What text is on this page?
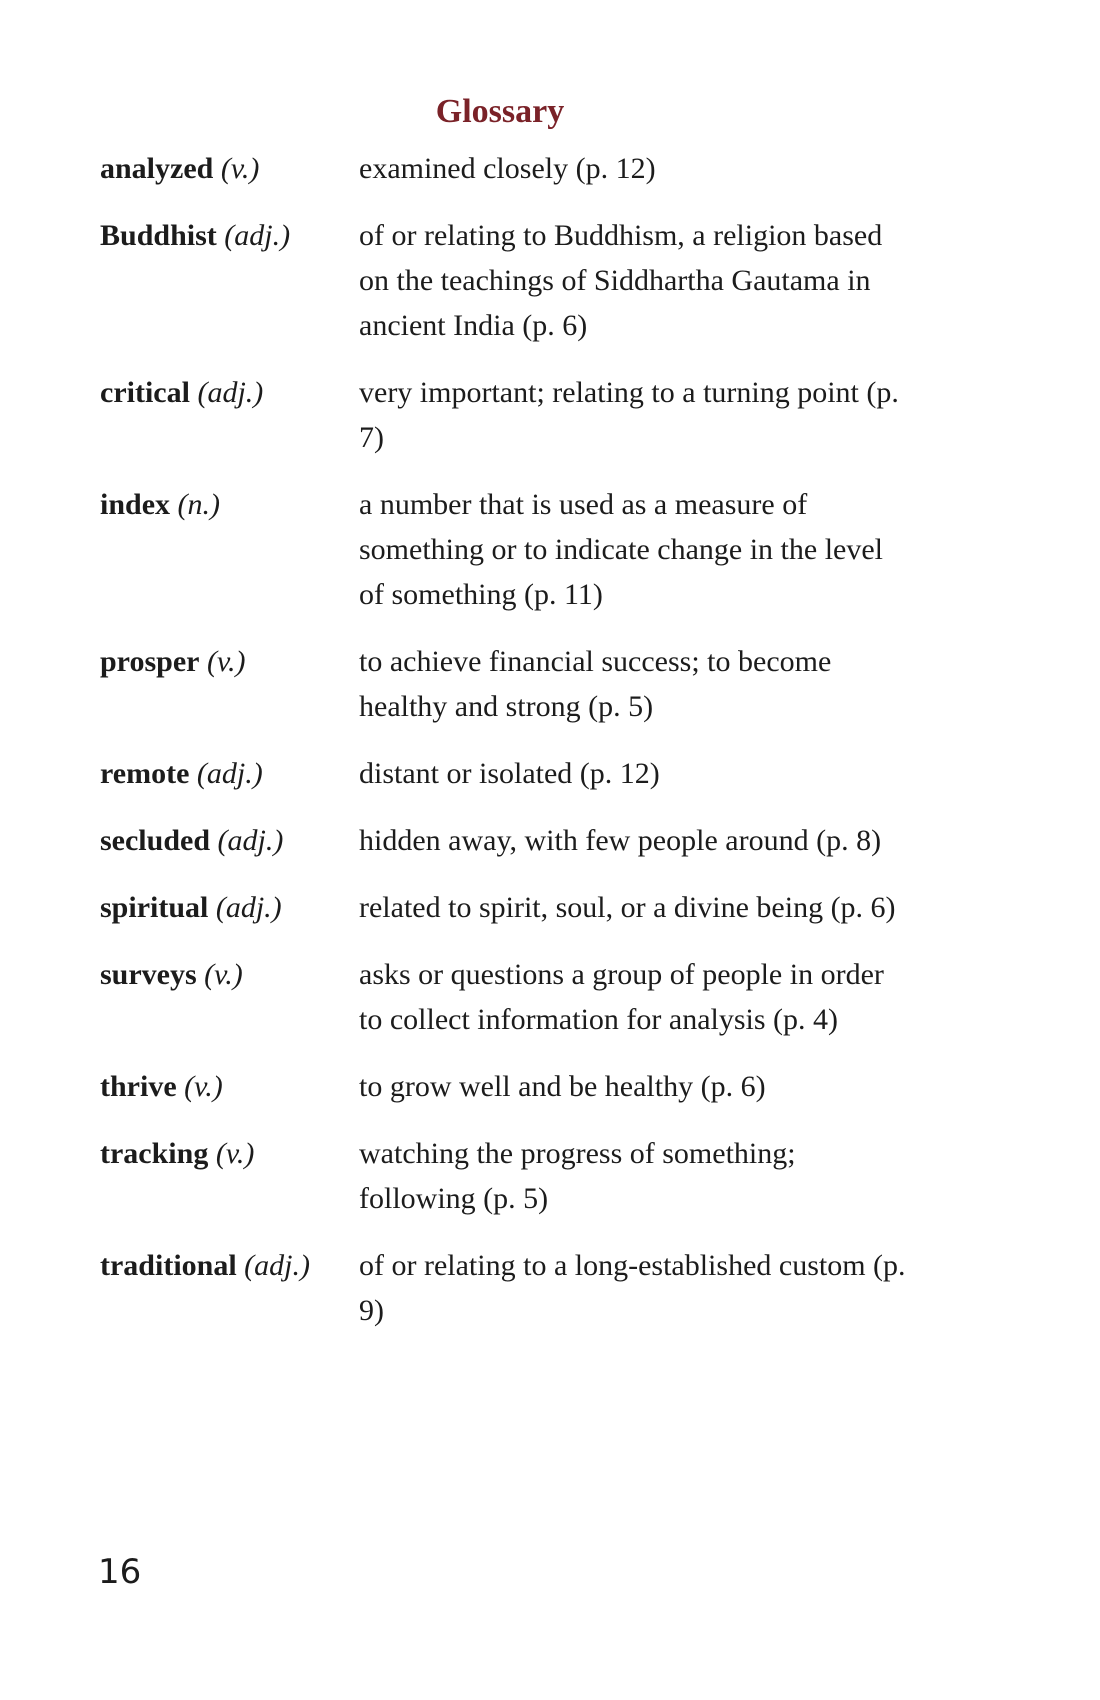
Glossary
analyzed (v.)	examined closely (p. 12)
Buddhist (adj.)	of or relating to Buddhism, a religion based on the teachings of Siddhartha Gautama in ancient India (p. 6)
critical (adj.)	very important; relating to a turning point (p. 7)
index (n.)	a number that is used as a measure of something or to indicate change in the level of something (p. 11)
prosper (v.)	to achieve financial success; to become healthy and strong (p. 5)
remote (adj.)	distant or isolated (p. 12)
secluded (adj.)	hidden away, with few people around (p. 8)
spiritual (adj.)	related to spirit, soul, or a divine being (p. 6)
surveys (v.)	asks or questions a group of people in order to collect information for analysis (p. 4)
thrive (v.)	to grow well and be healthy (p. 6)
tracking (v.)	watching the progress of something; following (p. 5)
traditional (adj.)	of or relating to a long-established custom (p. 9)
16
